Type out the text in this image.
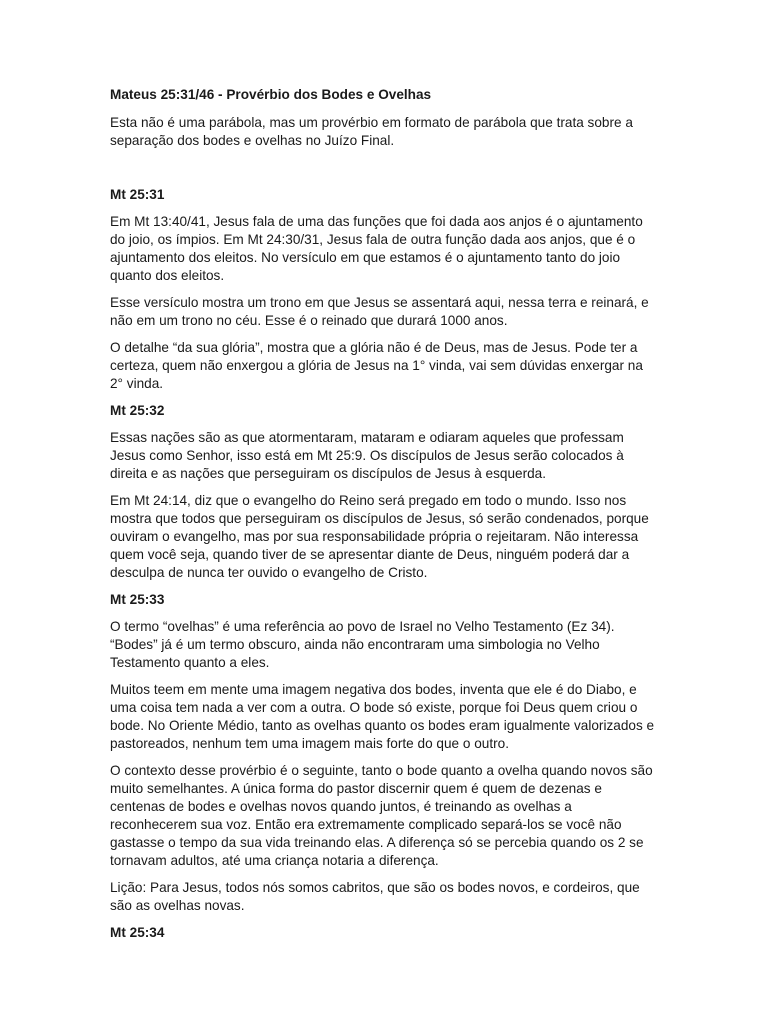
Mateus 25:31/46 - Provérbio dos Bodes e Ovelhas
Esta não é uma parábola, mas um provérbio em formato de parábola que trata sobre a separação dos bodes e ovelhas no Juízo Final.
Mt 25:31
Em Mt 13:40/41, Jesus fala de uma das funções que foi dada aos anjos é o ajuntamento do joio, os ímpios. Em Mt 24:30/31, Jesus fala de outra função dada aos anjos, que é o ajuntamento dos eleitos. No versículo em que estamos é o ajuntamento tanto do joio quanto dos eleitos.
Esse versículo mostra um trono em que Jesus se assentará aqui, nessa terra e reinará, e não em um trono no céu. Esse é o reinado que durará 1000 anos.
O detalhe “da sua glória”, mostra que a glória não é de Deus, mas de Jesus. Pode ter a certeza, quem não enxergou a glória de Jesus na 1° vinda, vai sem dúvidas enxergar na 2° vinda.
Mt 25:32
Essas nações são as que atormentaram, mataram e odiaram aqueles que professam Jesus como Senhor, isso está em Mt 25:9. Os discípulos de Jesus serão colocados à direita e as nações que perseguiram os discípulos de Jesus à esquerda.
Em Mt 24:14, diz que o evangelho do Reino será pregado em todo o mundo. Isso nos mostra que todos que perseguiram os discípulos de Jesus, só serão condenados, porque ouviram o evangelho, mas por sua responsabilidade própria o rejeitaram. Não interessa quem você seja, quando tiver de se apresentar diante de Deus, ninguém poderá dar a desculpa de nunca ter ouvido o evangelho de Cristo.
Mt 25:33
O termo “ovelhas” é uma referência ao povo de Israel no Velho Testamento (Ez 34). “Bodes” já é um termo obscuro, ainda não encontraram uma simbologia no Velho Testamento quanto a eles.
Muitos teem em mente uma imagem negativa dos bodes, inventa que ele é do Diabo, e uma coisa tem nada a ver com a outra. O bode só existe, porque foi Deus quem criou o bode. No Oriente Médio, tanto as ovelhas quanto os bodes eram igualmente valorizados e pastoreados, nenhum tem uma imagem mais forte do que o outro.
O contexto desse provérbio é o seguinte, tanto o bode quanto a ovelha quando novos são muito semelhantes. A única forma do pastor discernir quem é quem de dezenas e centenas de bodes e ovelhas novos quando juntos, é treinando as ovelhas a reconhecerem sua voz. Então era extremamente complicado separá-los se você não gastasse o tempo da sua vida treinando elas. A diferença só se percebia quando os 2 se tornavam adultos, até uma criança notaria a diferença.
Lição: Para Jesus, todos nós somos cabritos, que são os bodes novos, e cordeiros, que são as ovelhas novas.
Mt 25:34
